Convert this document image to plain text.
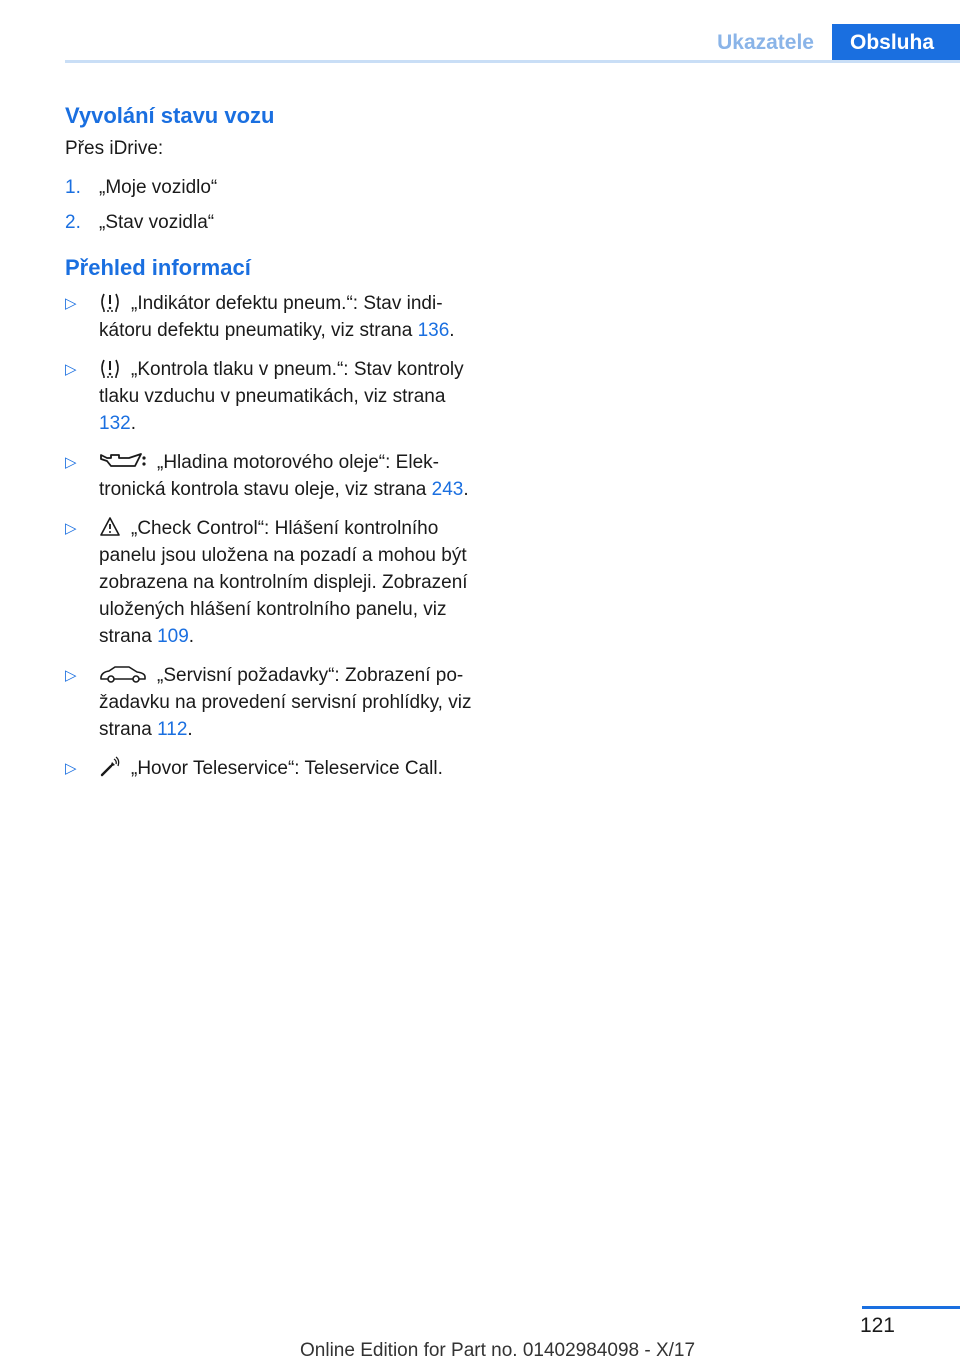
Ukazatele	Obsluha
Vyvolání stavu vozu
Přes iDrive:
1. „Moje vozidlo“
2. „Stav vozidla“
Přehled informací
▷	„Indikátor defektu pneum.“: Stav indikátoru defektu pneumatiky, viz strana 136.
▷	„Kontrola tlaku v pneum.“: Stav kontroly tlaku vzduchu v pneumatikách, viz strana 132.
▷	„Hladina motorového oleje“: Elektronická kontrola stavu oleje, viz strana 243.
▷	„Check Control“: Hlášení kontrolního panelu jsou uložena na pozadí a mohou být zobrazena na kontrolním displeji. Zobrazení uložených hlášení kontrolního panelu, viz strana 109.
▷	„Servisní požadavky“: Zobrazení požadavku na provedení servisní prohlídky, viz strana 112.
▷	„Hovor Teleservice“: Teleservice Call.
121
Online Edition for Part no. 01402984098 - X/17
